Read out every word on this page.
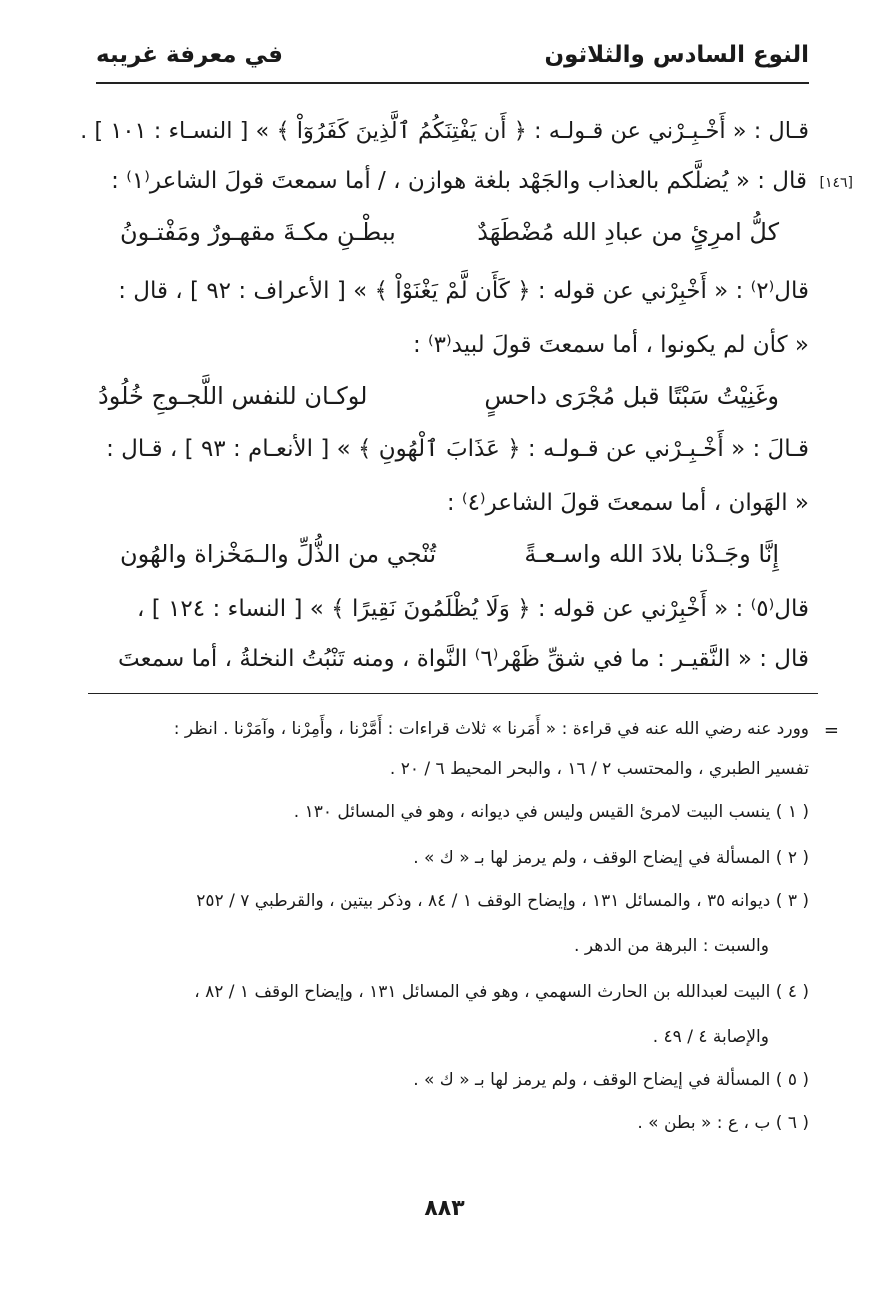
النوع السادس والثلاثون
في معرفة غريبه
قـال : « أَخْـبِـرْني عن قـولـه : ﴿ أَن يَفْتِنَكُمُ ٱلَّذِينَ كَفَرُوٓاْ ﴾ » [ النسـاء : ١٠١ ] .
[١٤٦]
قال : « يُضلَّكم بالعذاب والجَهْد بلغة هوازن ، / أما سمعتَ قولَ الشاعر⁽١⁾ :
كلُّ امرِئٍ من عبادِ الله مُضْطَهَدٌ
ببطْـنِ مكـةَ مقهـورٌ ومَفْتـونُ
قال⁽٢⁾ : « أَخْبِرْني عن قوله : ﴿ كَأَن لَّمْ يَغْنَوْاْ ﴾ » [ الأعراف : ٩٢ ] ، قال :
« كأن لم يكونوا ، أما سمعتَ قولَ لبيد⁽٣⁾ :
وغَنِيْتُ سَبْتًا قبل مُجْرَى داحسٍ
لوكـان للنفس اللَّجـوجِ خُلُودُ
قـالَ : « أَخْـبِـرْني عن قـولـه : ﴿ عَذَابَ ٱلْهُونِ ﴾ » [ الأنعـام : ٩٣ ] ، قـال :
« الهَوان ، أما سمعتَ قولَ الشاعر⁽٤⁾ :
إِنَّا وجَـدْنا بلادَ الله واسـعـةً
تُنْجي من الذُّلِّ والـمَخْزاة والهُون
قال⁽٥⁾ : « أَخْبِرْني عن قوله : ﴿ وَلَا يُظْلَمُونَ نَقِيرًا ﴾ » [ النساء : ١٢٤ ] ،
قال : « النَّقيـر : ما في شقِّ ظَهْر⁽٦⁾ النَّواة ، ومنه تَنْبُتُ النخلةُ ، أما سمعتَ
=
وورد عنه رضي الله عنه في قراءة : « أَمَرنا » ثلاث قراءات : أَمَّرْنا ، وأَمِرْنا ، وآمَرْنا . انظر :
تفسير الطبري ، والمحتسب ٢ / ١٦ ، والبحر المحيط ٦ / ٢٠ .
( ١ ) ينسب البيت لامرئ القيس وليس في ديوانه ، وهو في المسائل ١٣٠ .
( ٢ ) المسألة في إيضاح الوقف ، ولم يرمز لها بـ « ك » .
( ٣ ) ديوانه ٣٥ ، والمسائل ١٣١ ، وإيضاح الوقف ١ / ٨٤ ، وذكر بيتين ، والقرطبي ٧ / ٢٥٢
والسبت : البرهة من الدهر .
( ٤ ) البيت لعبدالله بن الحارث السهمي ، وهو في المسائل ١٣١ ، وإيضاح الوقف ١ / ٨٢ ،
والإصابة ٤ / ٤٩ .
( ٥ ) المسألة في إيضاح الوقف ، ولم يرمز لها بـ « ك » .
( ٦ ) ب ، ع : « بطن » .
٨٨٣
